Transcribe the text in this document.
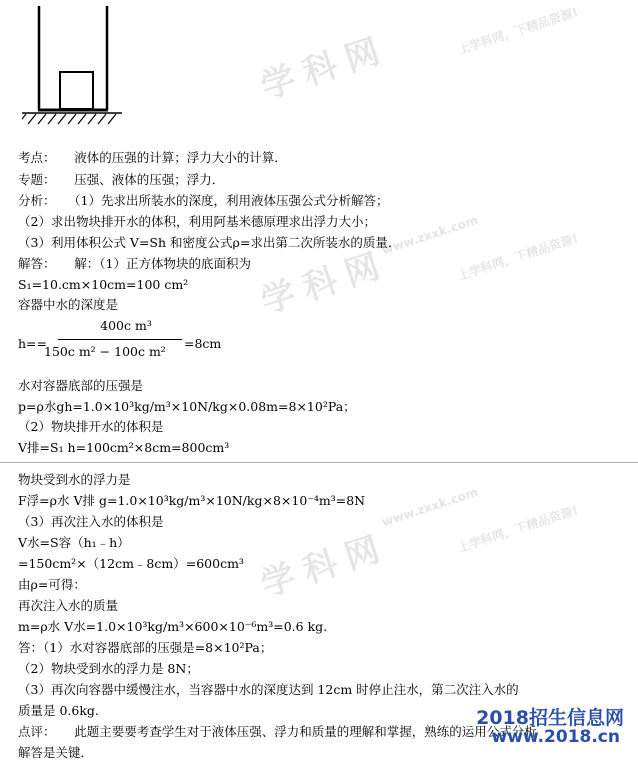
学科网
学科网
学科网
www.zxxk.com
www.zxxk.com
上学科网，下精品资源!
上学科网，下精品资源!
上学科网，下精品资源!
考点：　　液体的压强的计算；浮力大小的计算．
专题：　　压强、液体的压强；浮力．
分析：　　（1）先求出所装水的深度，利用液体压强公式分析解答；
（2）求出物块排开水的体积，利用阿基米德原理求出浮力大小；
（3）利用体积公式 V=Sh 和密度公式ρ=求出第二次所装水的质量．
解答：　　解：（1）正方体物块的底面积为
S₁=10.cm×10cm=100 cm²
容器中水的深度是
h==
400c m³
150c m² − 100c m²
=8cm
水对容器底部的压强是
p=ρ水gh=1.0×10³kg/m³×10N/kg×0.08m=8×10²Pa；
（2）物块排开水的体积是
V排=S₁ h=100cm²×8cm=800cm³
物块受到水的浮力是
F浮=ρ水 V排 g=1.0×10³kg/m³×10N/kg×8×10⁻⁴m³=8N
（3）再次注入水的体积是
V水=S容（h₁﹣h）
=150cm²×（12cm﹣8cm）=600cm³
由ρ=可得：
再次注入水的质量
m=ρ水 V水=1.0×10³kg/m³×600×10⁻⁶m³=0.6 kg.
答：（1）水对容器底部的压强是=8×10²Pa；
（2）物块受到水的浮力是 8N；
（3）再次向容器中缓慢注水，当容器中水的深度达到 12cm 时停止注水，第二次注入水的
质量是 0.6kg.
点评：　　此题主要要考查学生对于液体压强、浮力和质量的理解和掌握，熟练的运用公式分析
解答是关键．
2018招生信息网
www.2018.cn
